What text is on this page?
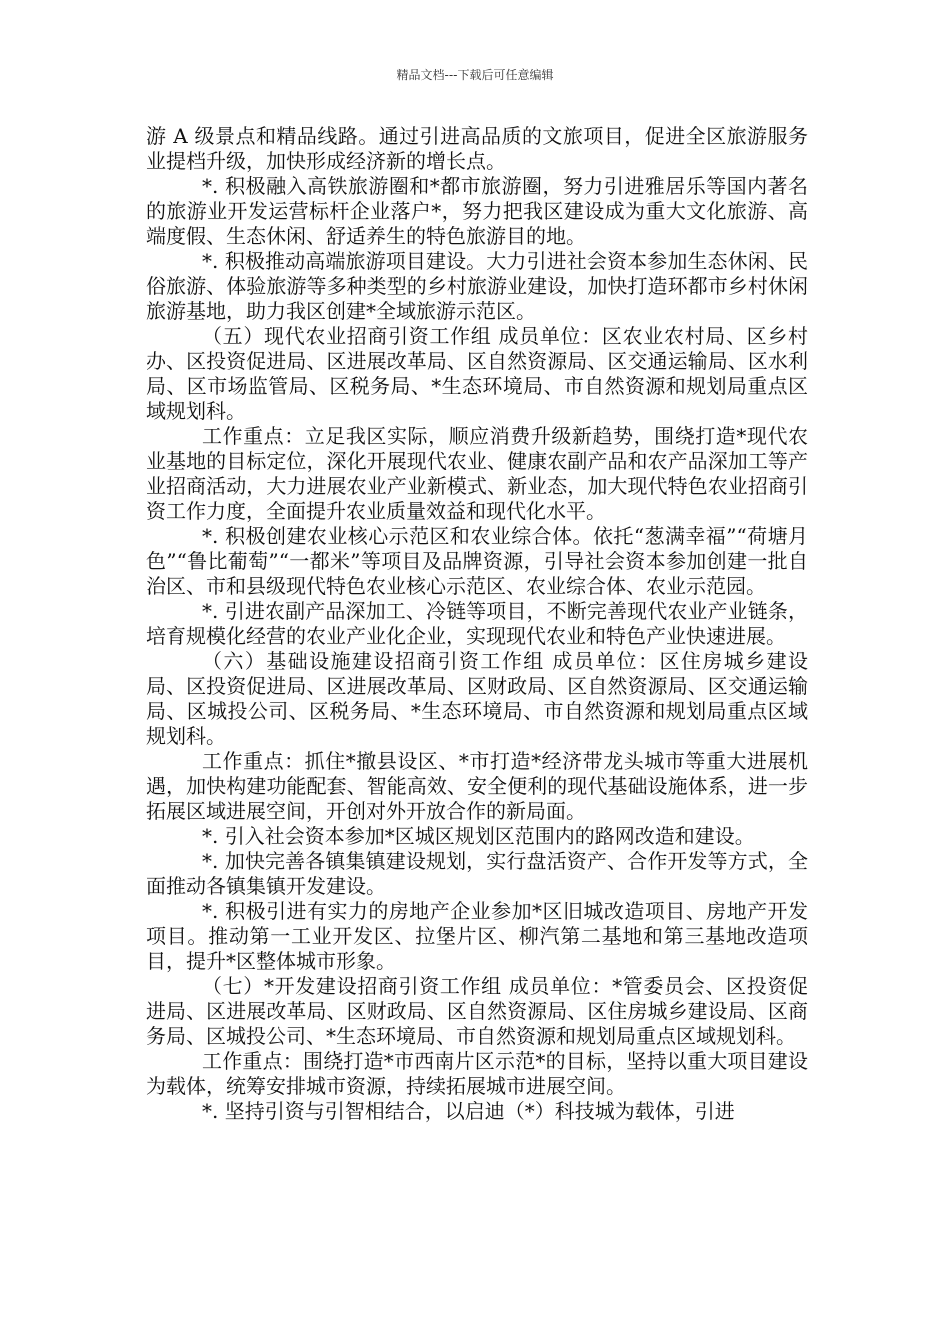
精品文档---下载后可任意编辑

游 A 级景点和精品线路。通过引进高品质的文旅项目，促进全区旅游服务业提档升级，加快形成经济新的增长点。

*. 积极融入高铁旅游圈和*都市旅游圈，努力引进雅居乐等国内著名的旅游业开发运营标杆企业落户*，努力把我区建设成为重大文化旅游、高端度假、生态休闲、舒适养生的特色旅游目的地。

*. 积极推动高端旅游项目建设。大力引进社会资本参加生态休闲、民俗旅游、体验旅游等多种类型的乡村旅游业建设，加快打造环都市乡村休闲旅游基地，助力我区创建*全域旅游示范区。

（五）现代农业招商引资工作组 成员单位：区农业农村局、区乡村办、区投资促进局、区进展改革局、区自然资源局、区交通运输局、区水利局、区市场监管局、区税务局、*生态环境局、市自然资源和规划局重点区域规划科。

工作重点：立足我区实际，顺应消费升级新趋势，围绕打造*现代农业基地的目标定位，深化开展现代农业、健康农副产品和农产品深加工等产业招商活动，大力进展农业产业新模式、新业态，加大现代特色农业招商引资工作力度，全面提升农业质量效益和现代化水平。

*. 积极创建农业核心示范区和农业综合体。依托“葱满幸福”“荷塘月色”“鲁比葡萄”“一都米”等项目及品牌资源，引导社会资本参加创建一批自治区、市和县级现代特色农业核心示范区、农业综合体、农业示范园。

*. 引进农副产品深加工、冷链等项目，不断完善现代农业产业链条，培育规模化经营的农业产业化企业，实现现代农业和特色产业快速进展。

（六）基础设施建设招商引资工作组 成员单位：区住房城乡建设局、区投资促进局、区进展改革局、区财政局、区自然资源局、区交通运输局、区城投公司、区税务局、*生态环境局、市自然资源和规划局重点区域规划科。

工作重点：抓住*撤县设区、*市打造*经济带龙头城市等重大进展机遇，加快构建功能配套、智能高效、安全便利的现代基础设施体系，进一步拓展区域进展空间，开创对外开放合作的新局面。

*. 引入社会资本参加*区城区规划区范围内的路网改造和建设。

*. 加快完善各镇集镇建设规划，实行盘活资产、合作开发等方式，全面推动各镇集镇开发建设。

*. 积极引进有实力的房地产企业参加*区旧城改造项目、房地产开发项目。推动第一工业开发区、拉堡片区、柳汽第二基地和第三基地改造项目，提升*区整体城市形象。

（七）*开发建设招商引资工作组 成员单位：*管委员会、区投资促进局、区进展改革局、区财政局、区自然资源局、区住房城乡建设局、区商务局、区城投公司、*生态环境局、市自然资源和规划局重点区域规划科。

工作重点：围绕打造*市西南片区示范*的目标，坚持以重大项目建设为载体，统筹安排城市资源，持续拓展城市进展空间。

*. 坚持引资与引智相结合，以启迪（*）科技城为载体，引进
